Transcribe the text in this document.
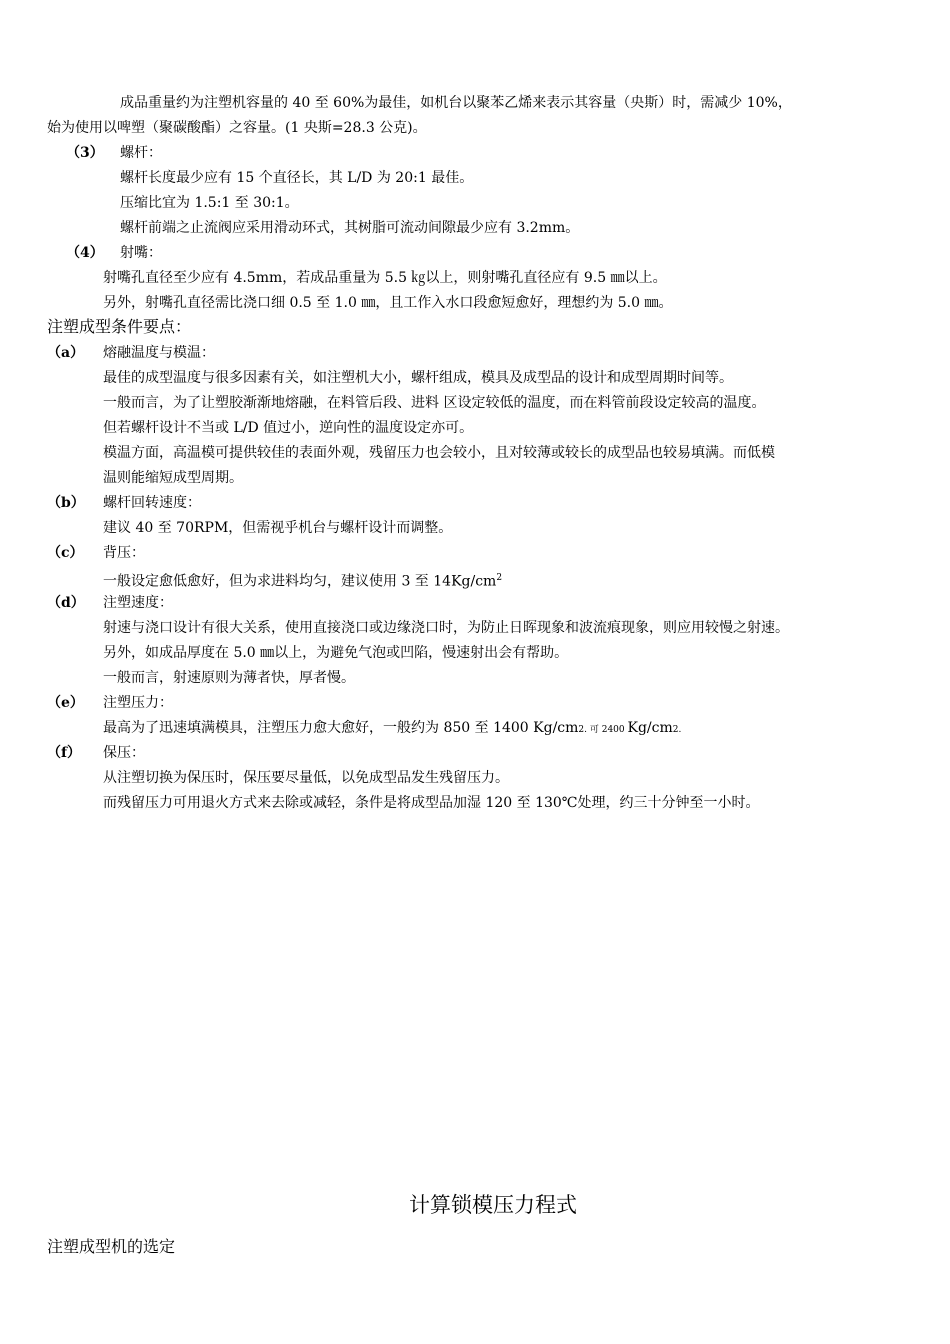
成品重量约为注塑机容量的 40 至 60%为最佳，如机台以聚苯乙烯来表示其容量（央斯）时，需减少 10%，
始为使用以啤塑（聚碳酸酯）之容量。(1 央斯=28.3 公克)。
（3） 螺杆：
螺杆长度最少应有 15 个直径长，其 L/D 为 20:1 最佳。
压缩比宜为 1.5:1 至 30:1。
螺杆前端之止流阀应采用滑动环式，其树脂可流动间隙最少应有 3.2mm。
（4） 射嘴：
射嘴孔直径至少应有 4.5mm，若成品重量为 5.5 ㎏以上，则射嘴孔直径应有 9.5 ㎜以上。
另外，射嘴孔直径需比浇口细 0.5 至 1.0 ㎜，且工作入水口段愈短愈好，理想约为 5.0 ㎜。
注塑成型条件要点：
（a） 熔融温度与模温：
最佳的成型温度与很多因素有关，如注塑机大小，螺杆组成，模具及成型品的设计和成型周期时间等。
一般而言，为了让塑胶渐渐地熔融，在料管后段、进料 区设定较低的温度，而在料管前段设定较高的温度。
但若螺杆设计不当或 L/D 值过小，逆向性的温度设定亦可。
模温方面，高温模可提供较佳的表面外观，残留压力也会较小，且对较薄或较长的成型品也较易填满。而低模
温则能缩短成型周期。
（b） 螺杆回转速度：
建议 40 至 70RPM，但需视乎机台与螺杆设计而调整。
（c） 背压：
一般设定愈低愈好，但为求进料均匀，建议使用 3 至 $14Kg/cm^2$
（d） 注塑速度：
射速与浇口设计有很大关系，使用直接浇口或边缘浇口时，为防止日晖现象和波流痕现象，则应用较慢之射速。
另外，如成品厚度在 5.0 ㎜以上，为避免气泡或凹陷，慢速射出会有帮助。
一般而言，射速原则为薄者快，厚者慢。
（e） 注塑压力：
最高为了迅速填满模具，注塑压力愈大愈好，一般约为 850 至 1400 Kg/cm2. 可 2400 Kg/cm2.
（f） 保压：
从注塑切换为保压时，保压要尽量低，以免成型品发生残留压力。
而残留压力可用退火方式来去除或减轻，条件是将成型品加湿 120 至 130℃处理，约三十分钟至一小时。
计算锁模压力程式
注塑成型机的选定
